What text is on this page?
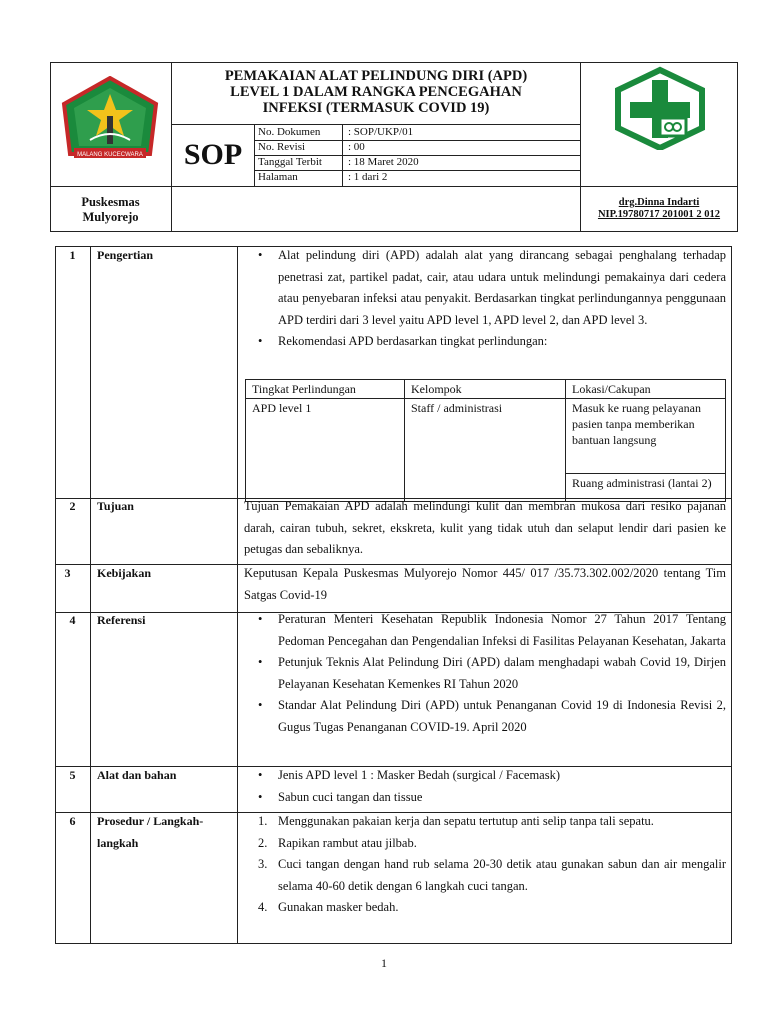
MALANG KUCECWARA
PEMAKAIAN ALAT PELINDUNG DIRI (APD)
LEVEL 1 DALAM RANGKA PENCEGAHAN
INFEKSI (TERMASUK COVID 19)
SOP
No. Dokumen	: SOP/UKP/01
No. Revisi	: 00
Tanggal Terbit : 18 Maret 2020
Halaman	: 1 dari 2
Puskesmas
Mulyorejo
drg.Dinna Indarti
NIP.19780717 201001 2 012
1	Pengertian	• Alat pelindung diri (APD) adalah alat yang dirancang sebagai penghalang terhadap penetrasi zat, partikel padat, cair, atau udara untuk melindungi pemakainya dari cedera atau penyebaran infeksi atau penyakit. Berdasarkan tingkat perlindungannya penggunaan APD terdiri dari 3 level yaitu APD level 1, APD level 2, dan APD level 3.
• Rekomendasi APD berdasarkan tingkat perlindungan:
Tingkat Perlindungan	Kelompok	Lokasi/Cakupan
APD level 1	Staff / administrasi	Masuk ke ruang pelayanan pasien tanpa memberikan bantuan langsung
		Ruang administrasi (lantai 2)
2	Tujuan	Tujuan Pemakaian APD adalah melindungi kulit dan membran mukosa dari resiko pajanan darah, cairan tubuh, sekret, ekskreta, kulit yang tidak utuh dan selaput lendir dari pasien ke petugas dan sebaliknya.
3	Kebijakan	Keputusan Kepala Puskesmas Mulyorejo Nomor 445/ 017 /35.73.302.002/2020 tentang Tim Satgas Covid-19
4	Referensi	• Peraturan Menteri Kesehatan Republik Indonesia Nomor 27 Tahun 2017 Tentang Pedoman Pencegahan dan Pengendalian Infeksi di Fasilitas Pelayanan Kesehatan, Jakarta
• Petunjuk Teknis Alat Pelindung Diri (APD) dalam menghadapi wabah Covid 19, Dirjen Pelayanan Kesehatan Kemenkes RI Tahun 2020
• Standar Alat Pelindung Diri (APD) untuk Penanganan Covid 19 di Indonesia Revisi 2, Gugus Tugas Penanganan COVID-19. April 2020
5	Alat dan bahan	• Jenis APD level 1 : Masker Bedah (surgical / Facemask)
• Sabun cuci tangan dan tissue
6	Prosedur / Langkah-
langkah
1. Menggunakan pakaian kerja dan sepatu tertutup anti selip tanpa tali sepatu.
2. Rapikan rambut atau jilbab.
3. Cuci tangan dengan hand rub selama 20-30 detik atau gunakan sabun dan air mengalir selama 40-60 detik dengan 6 langkah cuci tangan.
4. Gunakan masker bedah.
1
